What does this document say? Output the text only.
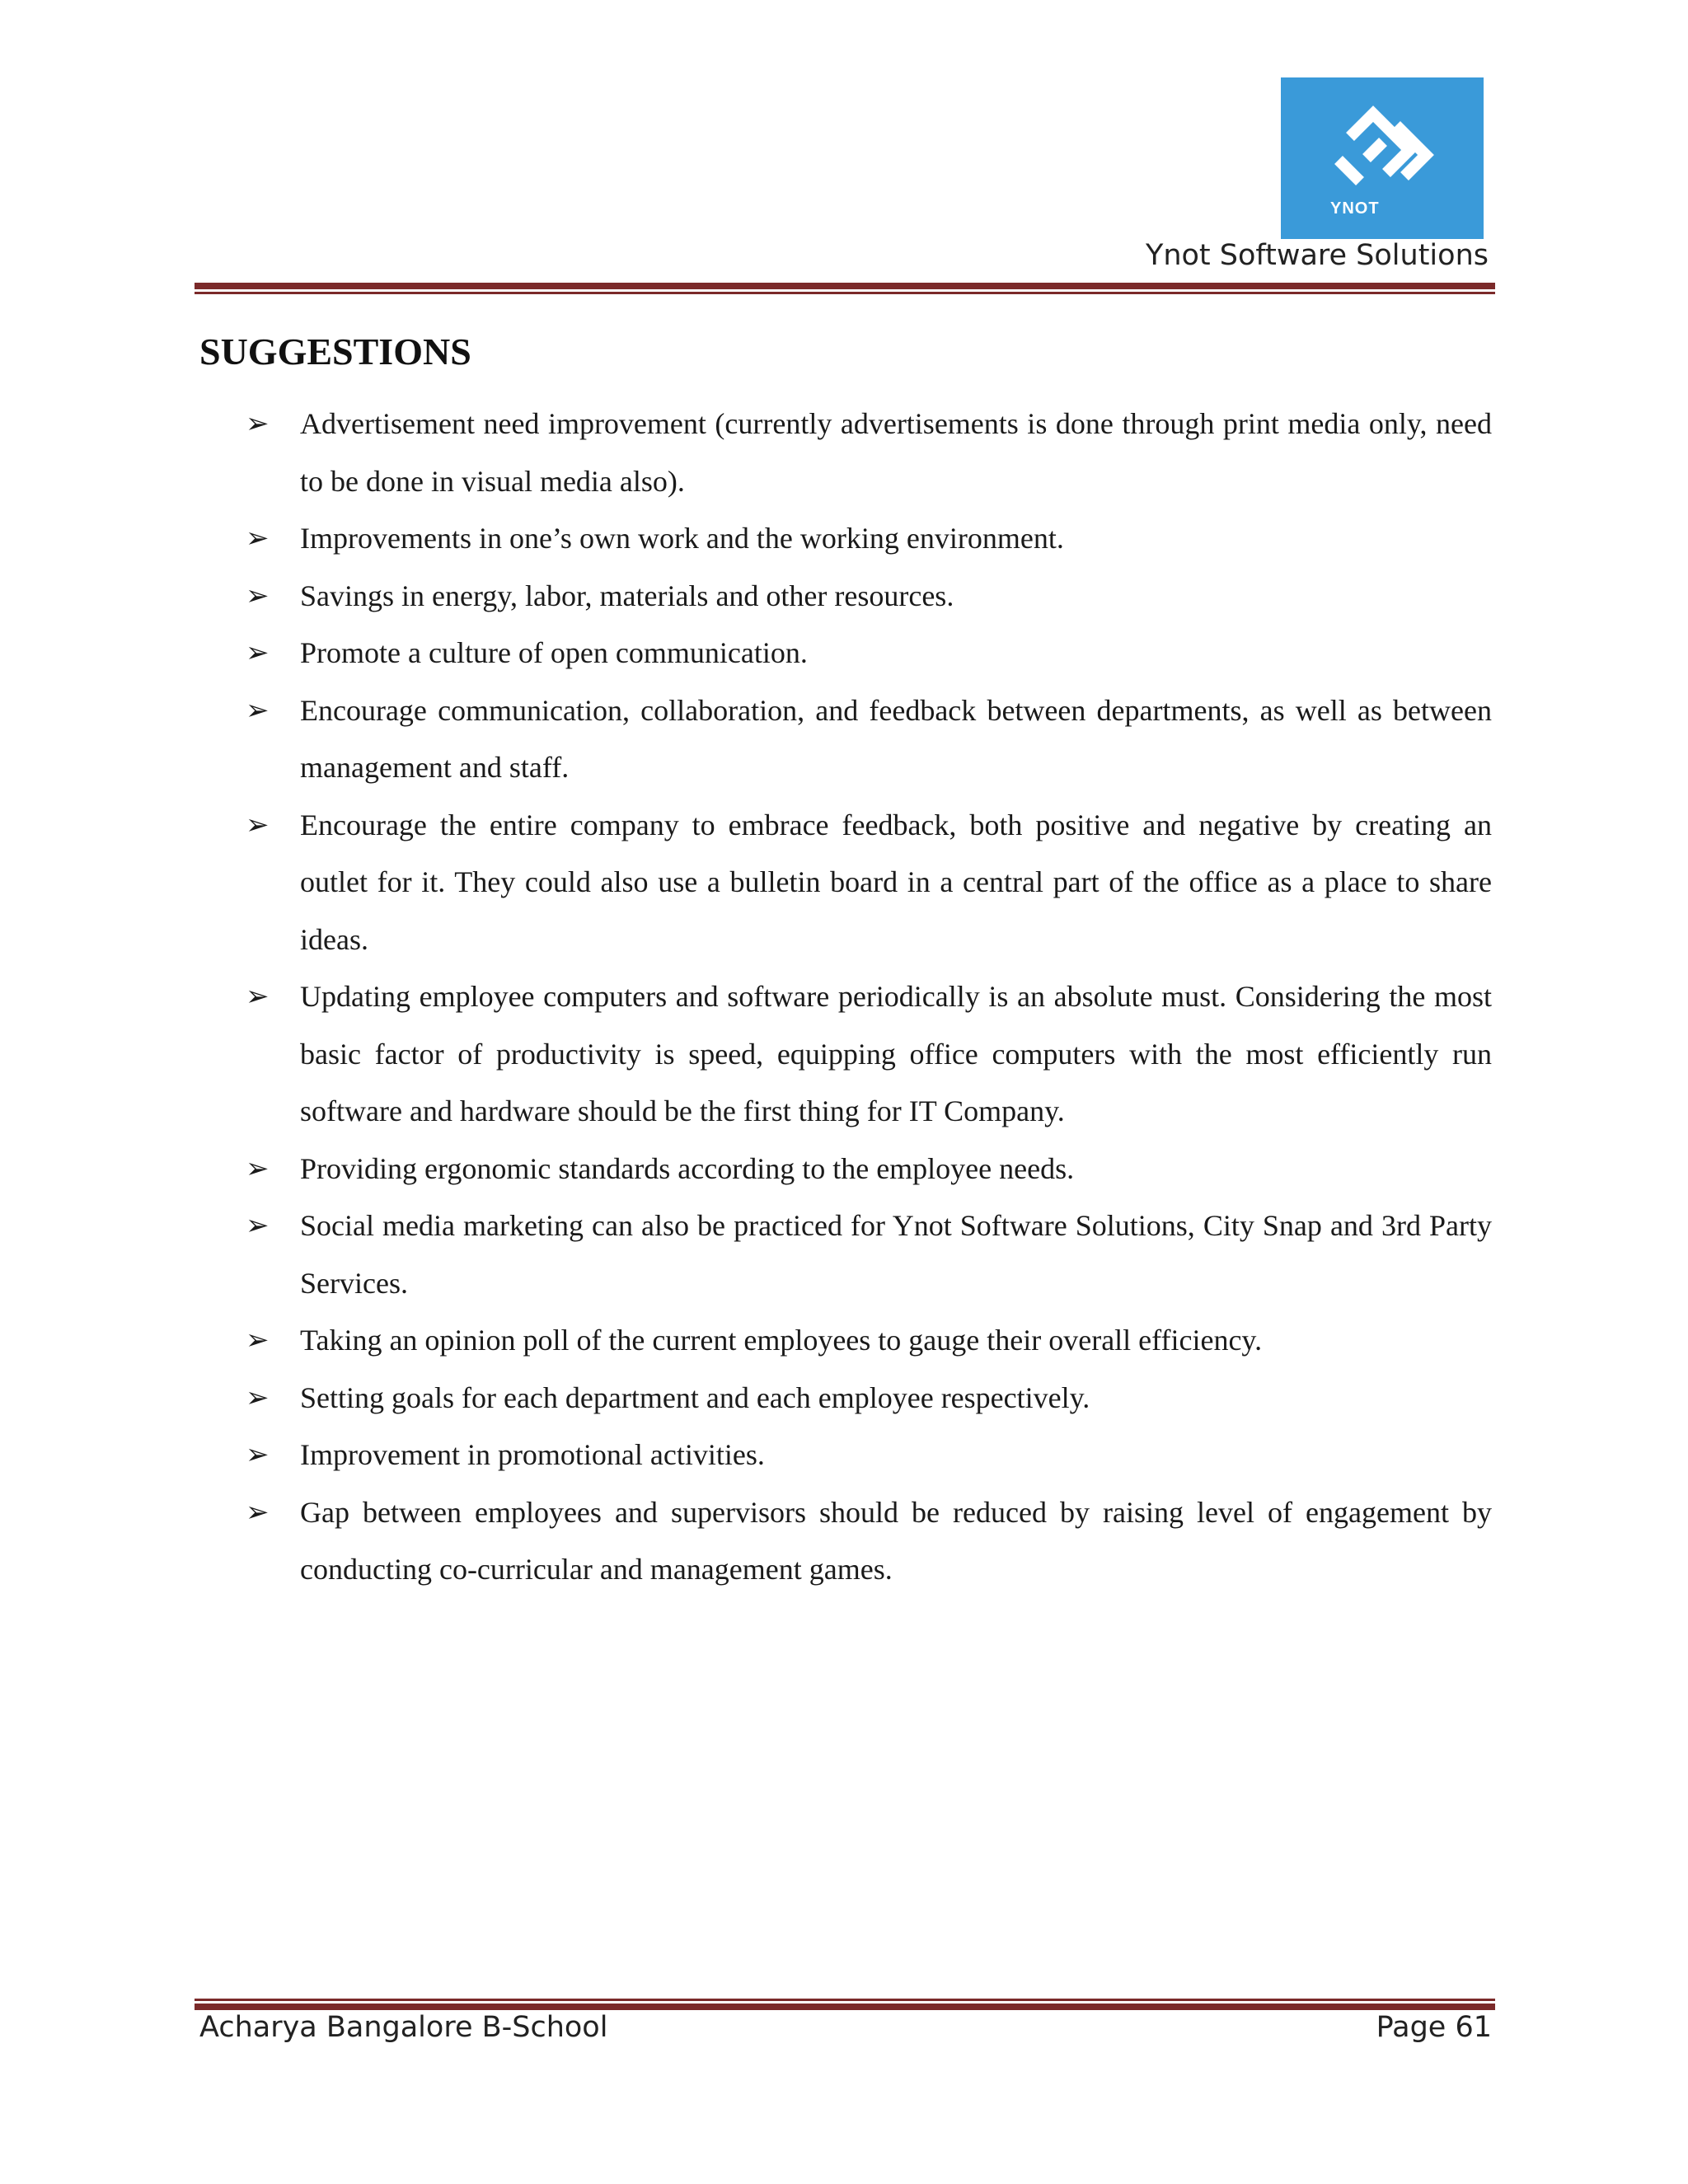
YNOT
Ynot Software Solutions
SUGGESTIONS
➢ Advertisement need improvement (currently advertisements is done through print media only, need to be done in visual media also).
➢ Improvements in one’s own work and the working environment.
➢ Savings in energy, labor, materials and other resources.
➢ Promote a culture of open communication.
➢ Encourage communication, collaboration, and feedback between departments, as well as between management and staff.
➢ Encourage the entire company to embrace feedback, both positive and negative by creating an outlet for it. They could also use a bulletin board in a central part of the office as a place to share ideas.
➢ Updating employee computers and software periodically is an absolute must. Considering the most basic factor of productivity is speed, equipping office computers with the most efficiently run software and hardware should be the first thing for IT Company.
➢ Providing ergonomic standards according to the employee needs.
➢ Social media marketing can also be practiced for Ynot Software Solutions, City Snap and 3rd Party Services.
➢ Taking an opinion poll of the current employees to gauge their overall efficiency.
➢ Setting goals for each department and each employee respectively.
➢ Improvement in promotional activities.
➢ Gap between employees and supervisors should be reduced by raising level of engagement by conducting co-curricular and management games.
Acharya Bangalore B-School	Page 61
